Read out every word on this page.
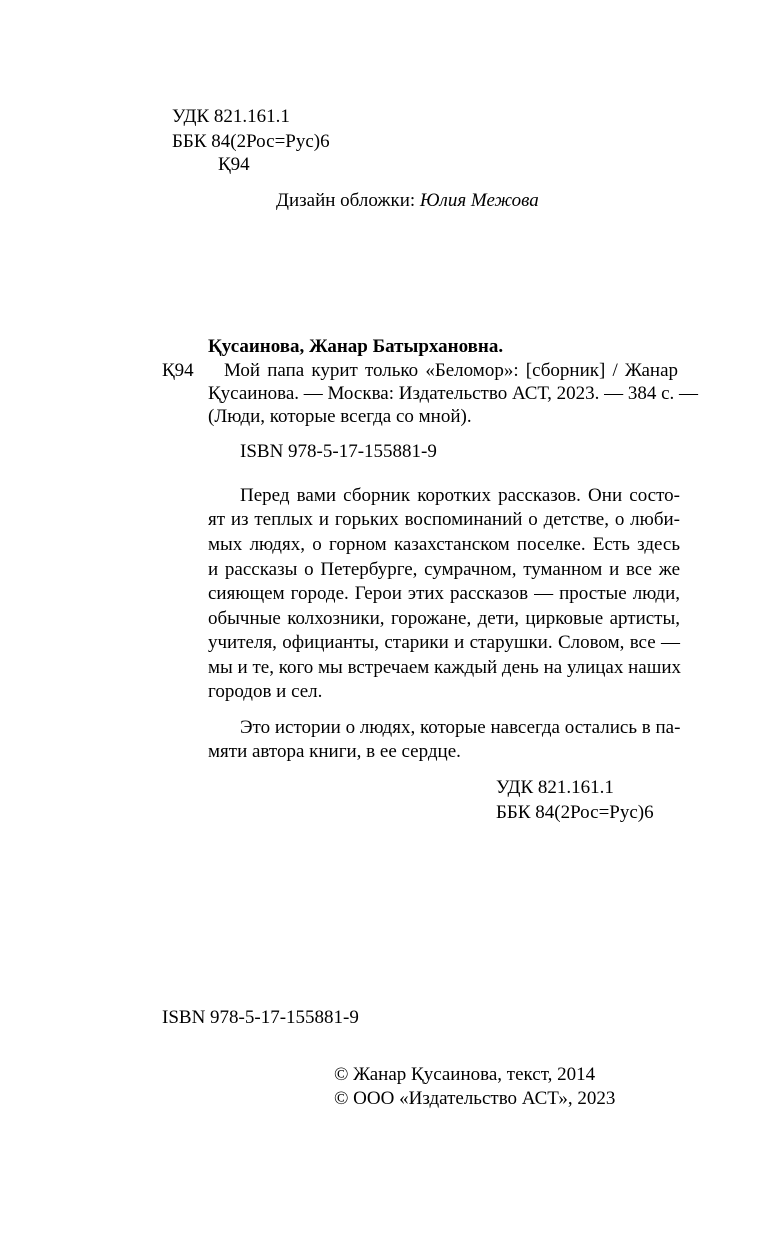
УДК 821.161.1
ББК 84(2Рос=Рус)6
Қ94
Дизайн обложки: Юлия Межова
Қ94
Қусаинова, Жанар Батырхановна.
Мой папа курит только «Беломор»: [сборник] / Жанар
Қусаинова. — Москва: Издательство АСТ, 2023. — 384 с. —
(Люди, которые всегда со мной).
ISBN 978-5-17-155881-9
Перед вами сборник коротких рассказов. Они состо-
ят из теплых и горьких воспоминаний о детстве, о люби-
мых людях, о горном казахстанском поселке. Есть здесь
и рассказы о Петербурге, сумрачном, туманном и все же
сияющем городе. Герои этих рассказов — простые люди,
обычные колхозники, горожане, дети, цирковые артисты,
учителя, официанты, старики и старушки. Словом, все —
мы и те, кого мы встречаем каждый день на улицах наших
городов и сел.
Это истории о людях, которые навсегда остались в па-
мяти автора книги, в ее сердце.
УДК 821.161.1
ББК 84(2Рос=Рус)6
ISBN 978-5-17-155881-9
© Жанар Қусаинова, текст, 2014
© ООО «Издательство АСТ», 2023
